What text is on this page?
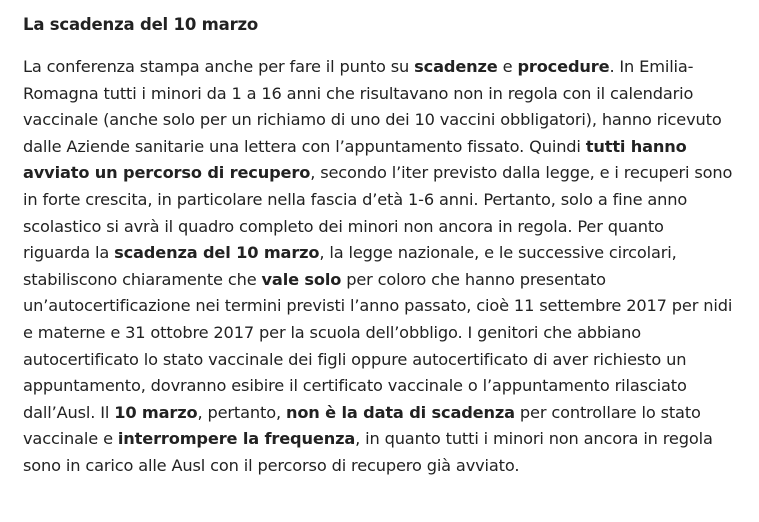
La scadenza del 10 marzo

La conferenza stampa anche per fare il punto su scadenze e procedure. In Emilia-Romagna tutti i minori da 1 a 16 anni che risultavano non in regola con il calendario vaccinale (anche solo per un richiamo di uno dei 10 vaccini obbligatori), hanno ricevuto dalle Aziende sanitarie una lettera con l’appuntamento fissato. Quindi tutti hanno avviato un percorso di recupero, secondo l’iter previsto dalla legge, e i recuperi sono in forte crescita, in particolare nella fascia d’età 1-6 anni. Pertanto, solo a fine anno scolastico si avrà il quadro completo dei minori non ancora in regola. Per quanto riguarda la scadenza del 10 marzo, la legge nazionale, e le successive circolari, stabiliscono chiaramente che vale solo per coloro che hanno presentato un’autocertificazione nei termini previsti l’anno passato, cioè 11 settembre 2017 per nidi e materne e 31 ottobre 2017 per la scuola dell’obbligo. I genitori che abbiano autocertificato lo stato vaccinale dei figli oppure autocertificato di aver richiesto un appuntamento, dovranno esibire il certificato vaccinale o l’appuntamento rilasciato dall’Ausl. Il 10 marzo, pertanto, non è la data di scadenza per controllare lo stato vaccinale e interrompere la frequenza, in quanto tutti i minori non ancora in regola sono in carico alle Ausl con il percorso di recupero già avviato.
